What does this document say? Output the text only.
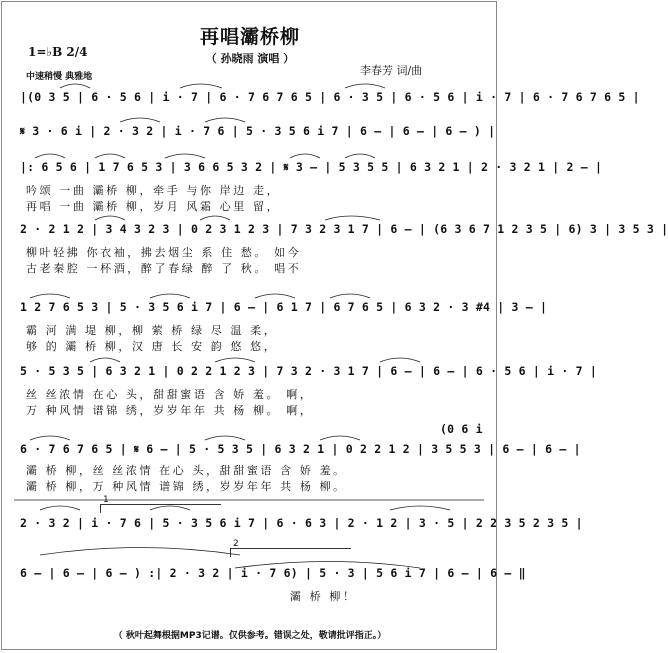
再唱灞桥柳
（ 孙晓雨 演唱 ）
1=♭B 2/4
中速稍慢 典雅地	李春芳 词/曲
|(0 3 5 | 6 · 5 6 | i · 7 | 6 · 7 6 7 6 5 | 6 · 3 5 | 6 · 5 6 | i · 7 | 6 · 7 6 7 6 5 |
𝄋 3 · 6 i | 2 · 3 2 | i · 7 6 | 5 · 3 5 6 i 7 | 6 — | 6 — | 6 — ) |
|: 6 5 6 | 1 7 6 5 3 | 3 6 6 5 3 2 | 𝄋 3 — | 5 3 5 5 | 6 3 2 1 | 2 · 3 2 1 | 2 — |
吟颂 一曲 灞桥 柳，牵手 与你 岸边 走，
再唱 一曲 灞桥 柳，岁月 风霜 心里 留，
2 · 2 1 2 | 3 4 3 2 3 | 0 2 3 1 2 3 | 7 3 2 3 1 7 | 6 — | (6 3 6 7 1 2 3 5 | 6) 3 | 3 5 3 |
柳叶轻拂 你衣袖，拂去烟尘 系 住 愁。 如今
古老秦腔 一杯酒，醉了春绿 醉 了 秋。 唱不
1 2 7 6 5 3 | 5 · 3 5 6 i 7 | 6 — | 6 1 7 | 6 7 6 5 | 6 3 2 · 3 #4 | 3 — |
霸 河 满 堤 柳，柳 萦 桥 绿 尽 温 柔，
够 的 灞 桥 柳，汉 唐 长 安 韵 悠 悠，
5 · 5 3 5 | 6 3 2 1 | 0 2 2 1 2 3 | 7 3 2 · 3 1 7 | 6 — | 6 — | 6 · 5 6 | i · 7 |
丝 丝浓情 在心 头，甜甜蜜语 含 娇 羞。 啊，
万 种风情 谱锦 绣，岁岁年年 共 杨 柳。 啊，
(0 6 i
6 · 7 6 7 6 5 | 𝄋 6 — | 5 · 5 3 5 | 6 3 2 1 | 0 2 2 1 2 | 3 5 5 3 | 6 — | 6 — |
灞 桥 柳，丝 丝浓情 在心 头，甜甜蜜语 含 娇 羞。
灞 桥 柳，万 种风情 谱锦 绣，岁岁年年 共 杨 柳。
1
2 · 3 2 | i · 7 6 | 5 · 3 5 6 i 7 | 6 · 6 3 | 2 · 1 2 | 3 · 5 | 2 2 3 5 2 3 5 |
2
6 — | 6 — | 6 — ) :| 2 · 3 2 | i · 7 6) | 5 · 3 | 5 6 i 7 | 6 — | 6 — ‖
灞 桥 柳！
（ 秋叶起舞根据MP3记谱。仅供参考。错误之处，敬请批评指正。）
